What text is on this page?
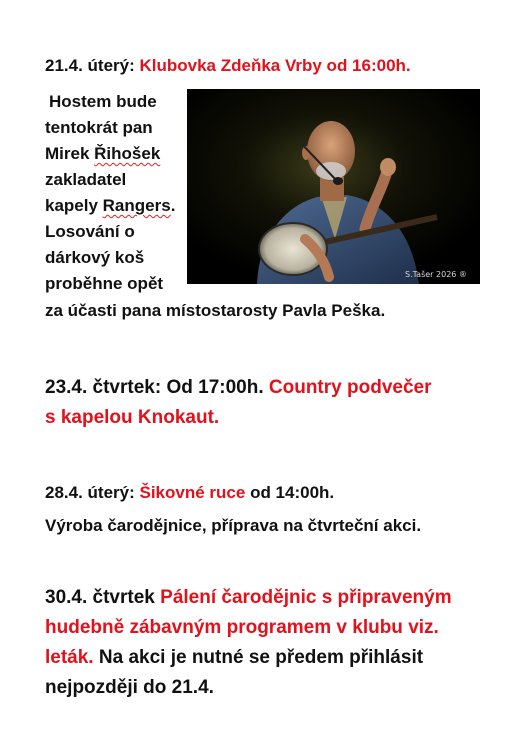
21.4. úterý: Klubovka Zdeňka Vrby od 16:00h.
Hostem bude
tentokrát pan
Mirek Řihošek
zakladatel
kapely Rangers.
Losování o
dárkový koš
proběhne opět
za účasti pana místostarosty Pavla Peška.
S.Tašer 2026 ®
23.4. čtvrtek: Od 17:00h. Country podvečer
s kapelou Knokaut.
28.4. úterý: Šikovné ruce od 14:00h.
Výroba čarodějnice, příprava na čtvrteční akci.
30.4. čtvrtek Pálení čarodějnic s připraveným
hudebně zábavným programem v klubu viz.
leták. Na akci je nutné se předem přihlásit
nejpozději do 21.4.
